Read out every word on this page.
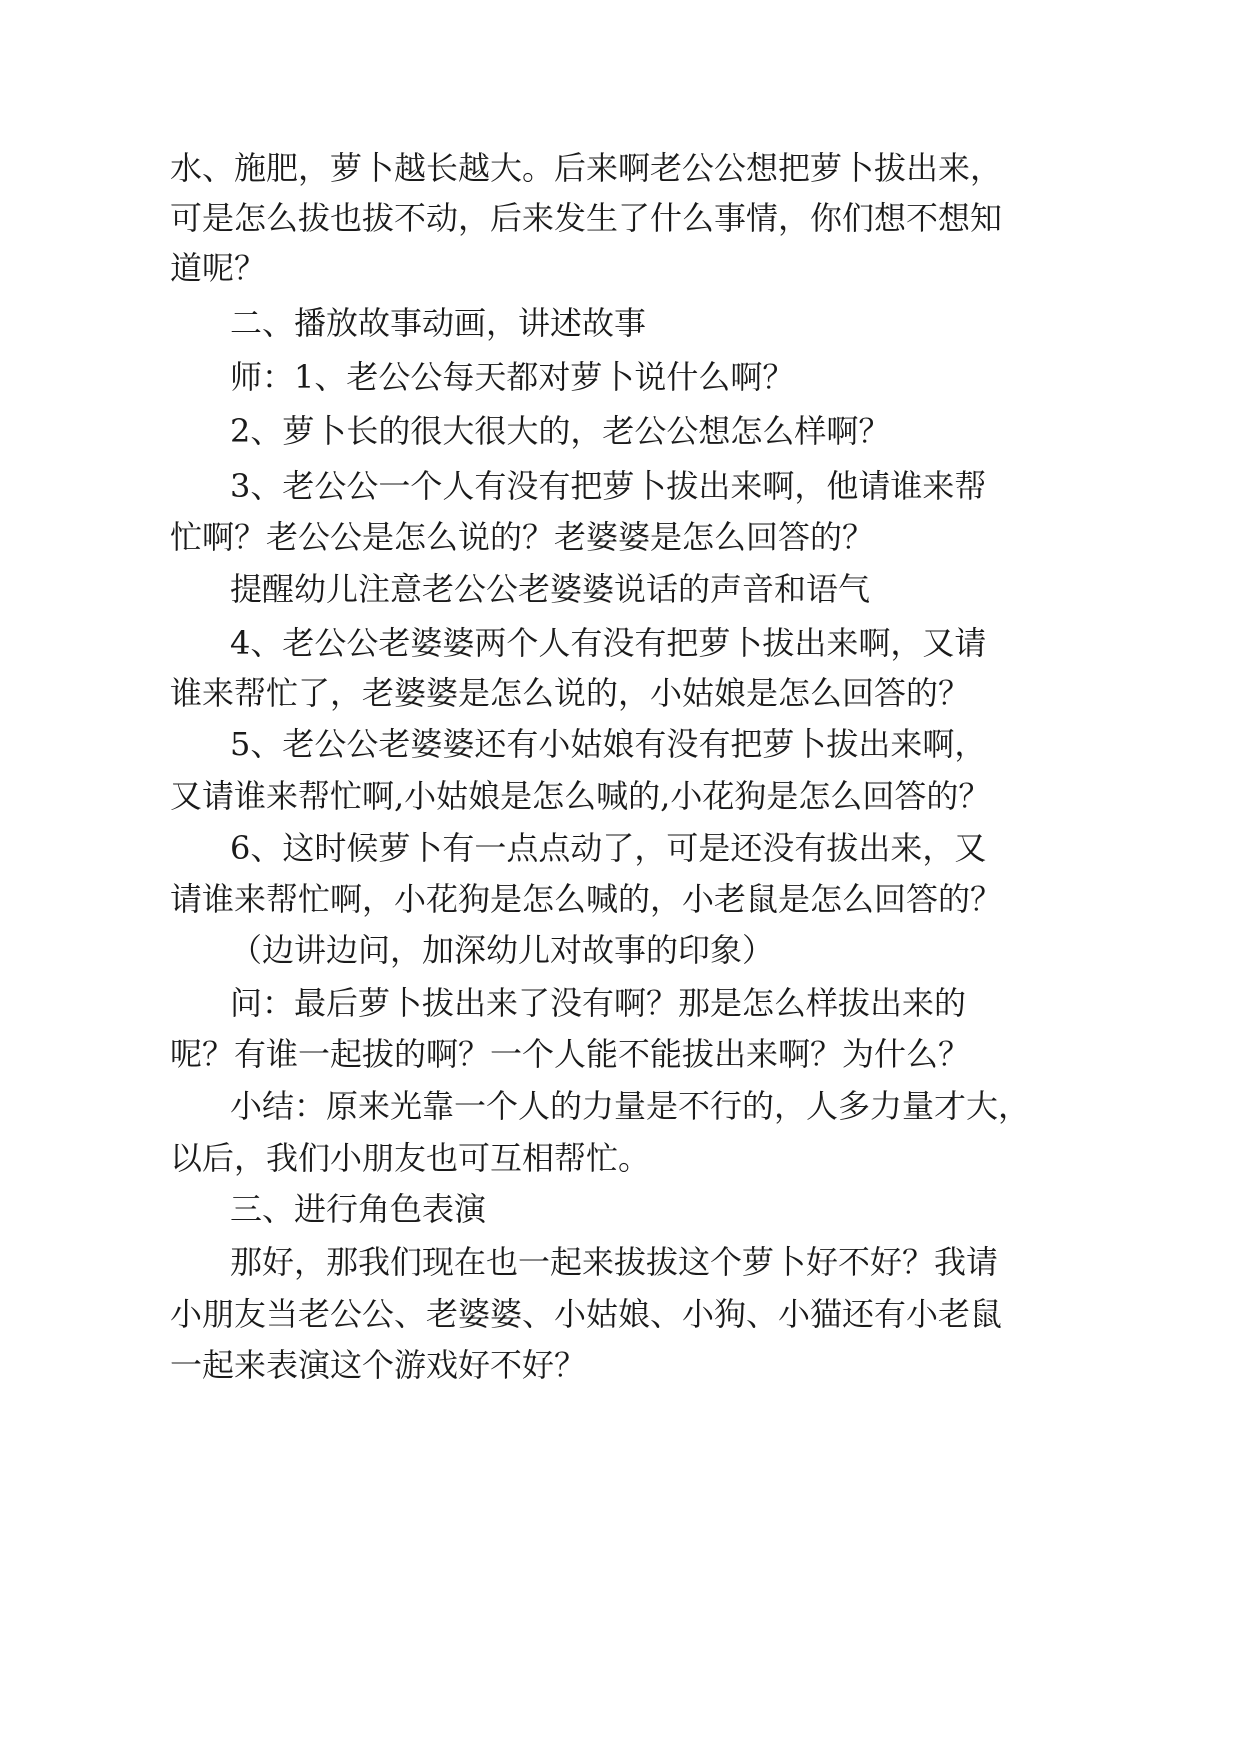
水、施肥，萝卜越长越大。后来啊老公公想把萝卜拔出来，
可是怎么拔也拔不动，后来发生了什么事情，你们想不想知
道呢？
二、播放故事动画，讲述故事
师：1、老公公每天都对萝卜说什么啊？
2、萝卜长的很大很大的，老公公想怎么样啊？
3、老公公一个人有没有把萝卜拔出来啊，他请谁来帮
忙啊？老公公是怎么说的？老婆婆是怎么回答的？
提醒幼儿注意老公公老婆婆说话的声音和语气
4、老公公老婆婆两个人有没有把萝卜拔出来啊，又请
谁来帮忙了，老婆婆是怎么说的，小姑娘是怎么回答的？
5、老公公老婆婆还有小姑娘有没有把萝卜拔出来啊，
又请谁来帮忙啊,小姑娘是怎么喊的,小花狗是怎么回答的？
6、这时候萝卜有一点点动了，可是还没有拔出来，又
请谁来帮忙啊，小花狗是怎么喊的，小老鼠是怎么回答的？
（边讲边问，加深幼儿对故事的印象）
问：最后萝卜拔出来了没有啊？那是怎么样拔出来的
呢？有谁一起拔的啊？一个人能不能拔出来啊？为什么？
小结：原来光靠一个人的力量是不行的，人多力量才大，
以后，我们小朋友也可互相帮忙。
三、进行角色表演
那好，那我们现在也一起来拔拔这个萝卜好不好？我请
小朋友当老公公、老婆婆、小姑娘、小狗、小猫还有小老鼠
一起来表演这个游戏好不好？
